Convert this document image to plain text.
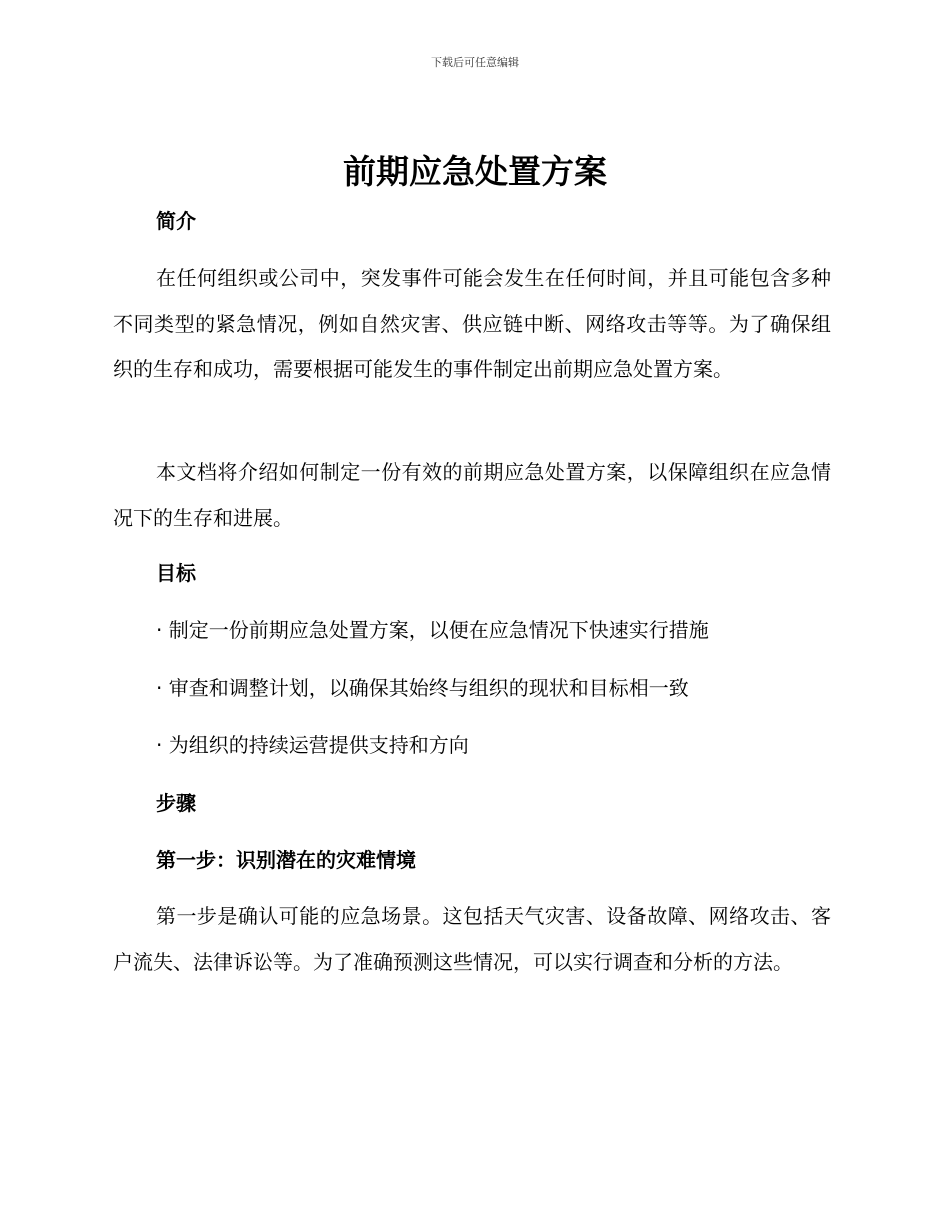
下载后可任意编辑
前期应急处置方案
简介

在任何组织或公司中，突发事件可能会发生在任何时间，并且可能包含多种不同类型的紧急情况，例如自然灾害、供应链中断、网络攻击等等。为了确保组织的生存和成功，需要根据可能发生的事件制定出前期应急处置方案。

本文档将介绍如何制定一份有效的前期应急处置方案，以保障组织在应急情况下的生存和进展。

目标

· 制定一份前期应急处置方案，以便在应急情况下快速实行措施

· 审查和调整计划，以确保其始终与组织的现状和目标相一致

· 为组织的持续运营提供支持和方向

步骤
第一步：识别潜在的灾难情境

第一步是确认可能的应急场景。这包括天气灾害、设备故障、网络攻击、客户流失、法律诉讼等。为了准确预测这些情况，可以实行调查和分析的方法。
